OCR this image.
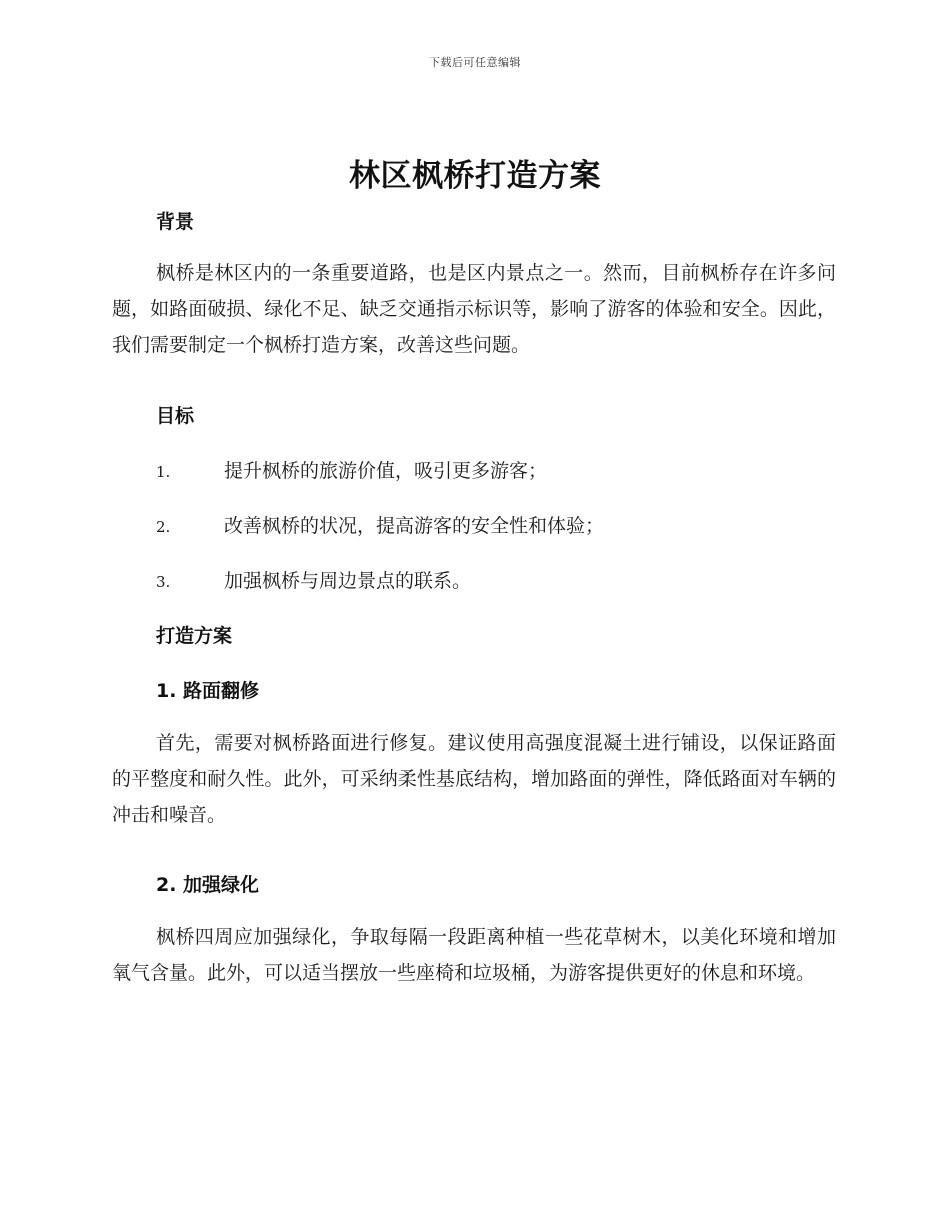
下载后可任意编辑
林区枫桥打造方案
背景

枫桥是林区内的一条重要道路，也是区内景点之一。然而，目前枫桥存在许多问题，如路面破损、绿化不足、缺乏交通指示标识等，影响了游客的体验和安全。因此，我们需要制定一个枫桥打造方案，改善这些问题。

目标
1.	提升枫桥的旅游价值，吸引更多游客；
2.	改善枫桥的状况，提高游客的安全性和体验；
3.	加强枫桥与周边景点的联系。
打造方案
1. 路面翻修

首先，需要对枫桥路面进行修复。建议使用高强度混凝土进行铺设，以保证路面的平整度和耐久性。此外，可采纳柔性基底结构，增加路面的弹性，降低路面对车辆的冲击和噪音。

2. 加强绿化

枫桥四周应加强绿化，争取每隔一段距离种植一些花草树木，以美化环境和增加氧气含量。此外，可以适当摆放一些座椅和垃圾桶，为游客提供更好的休息和环境。
